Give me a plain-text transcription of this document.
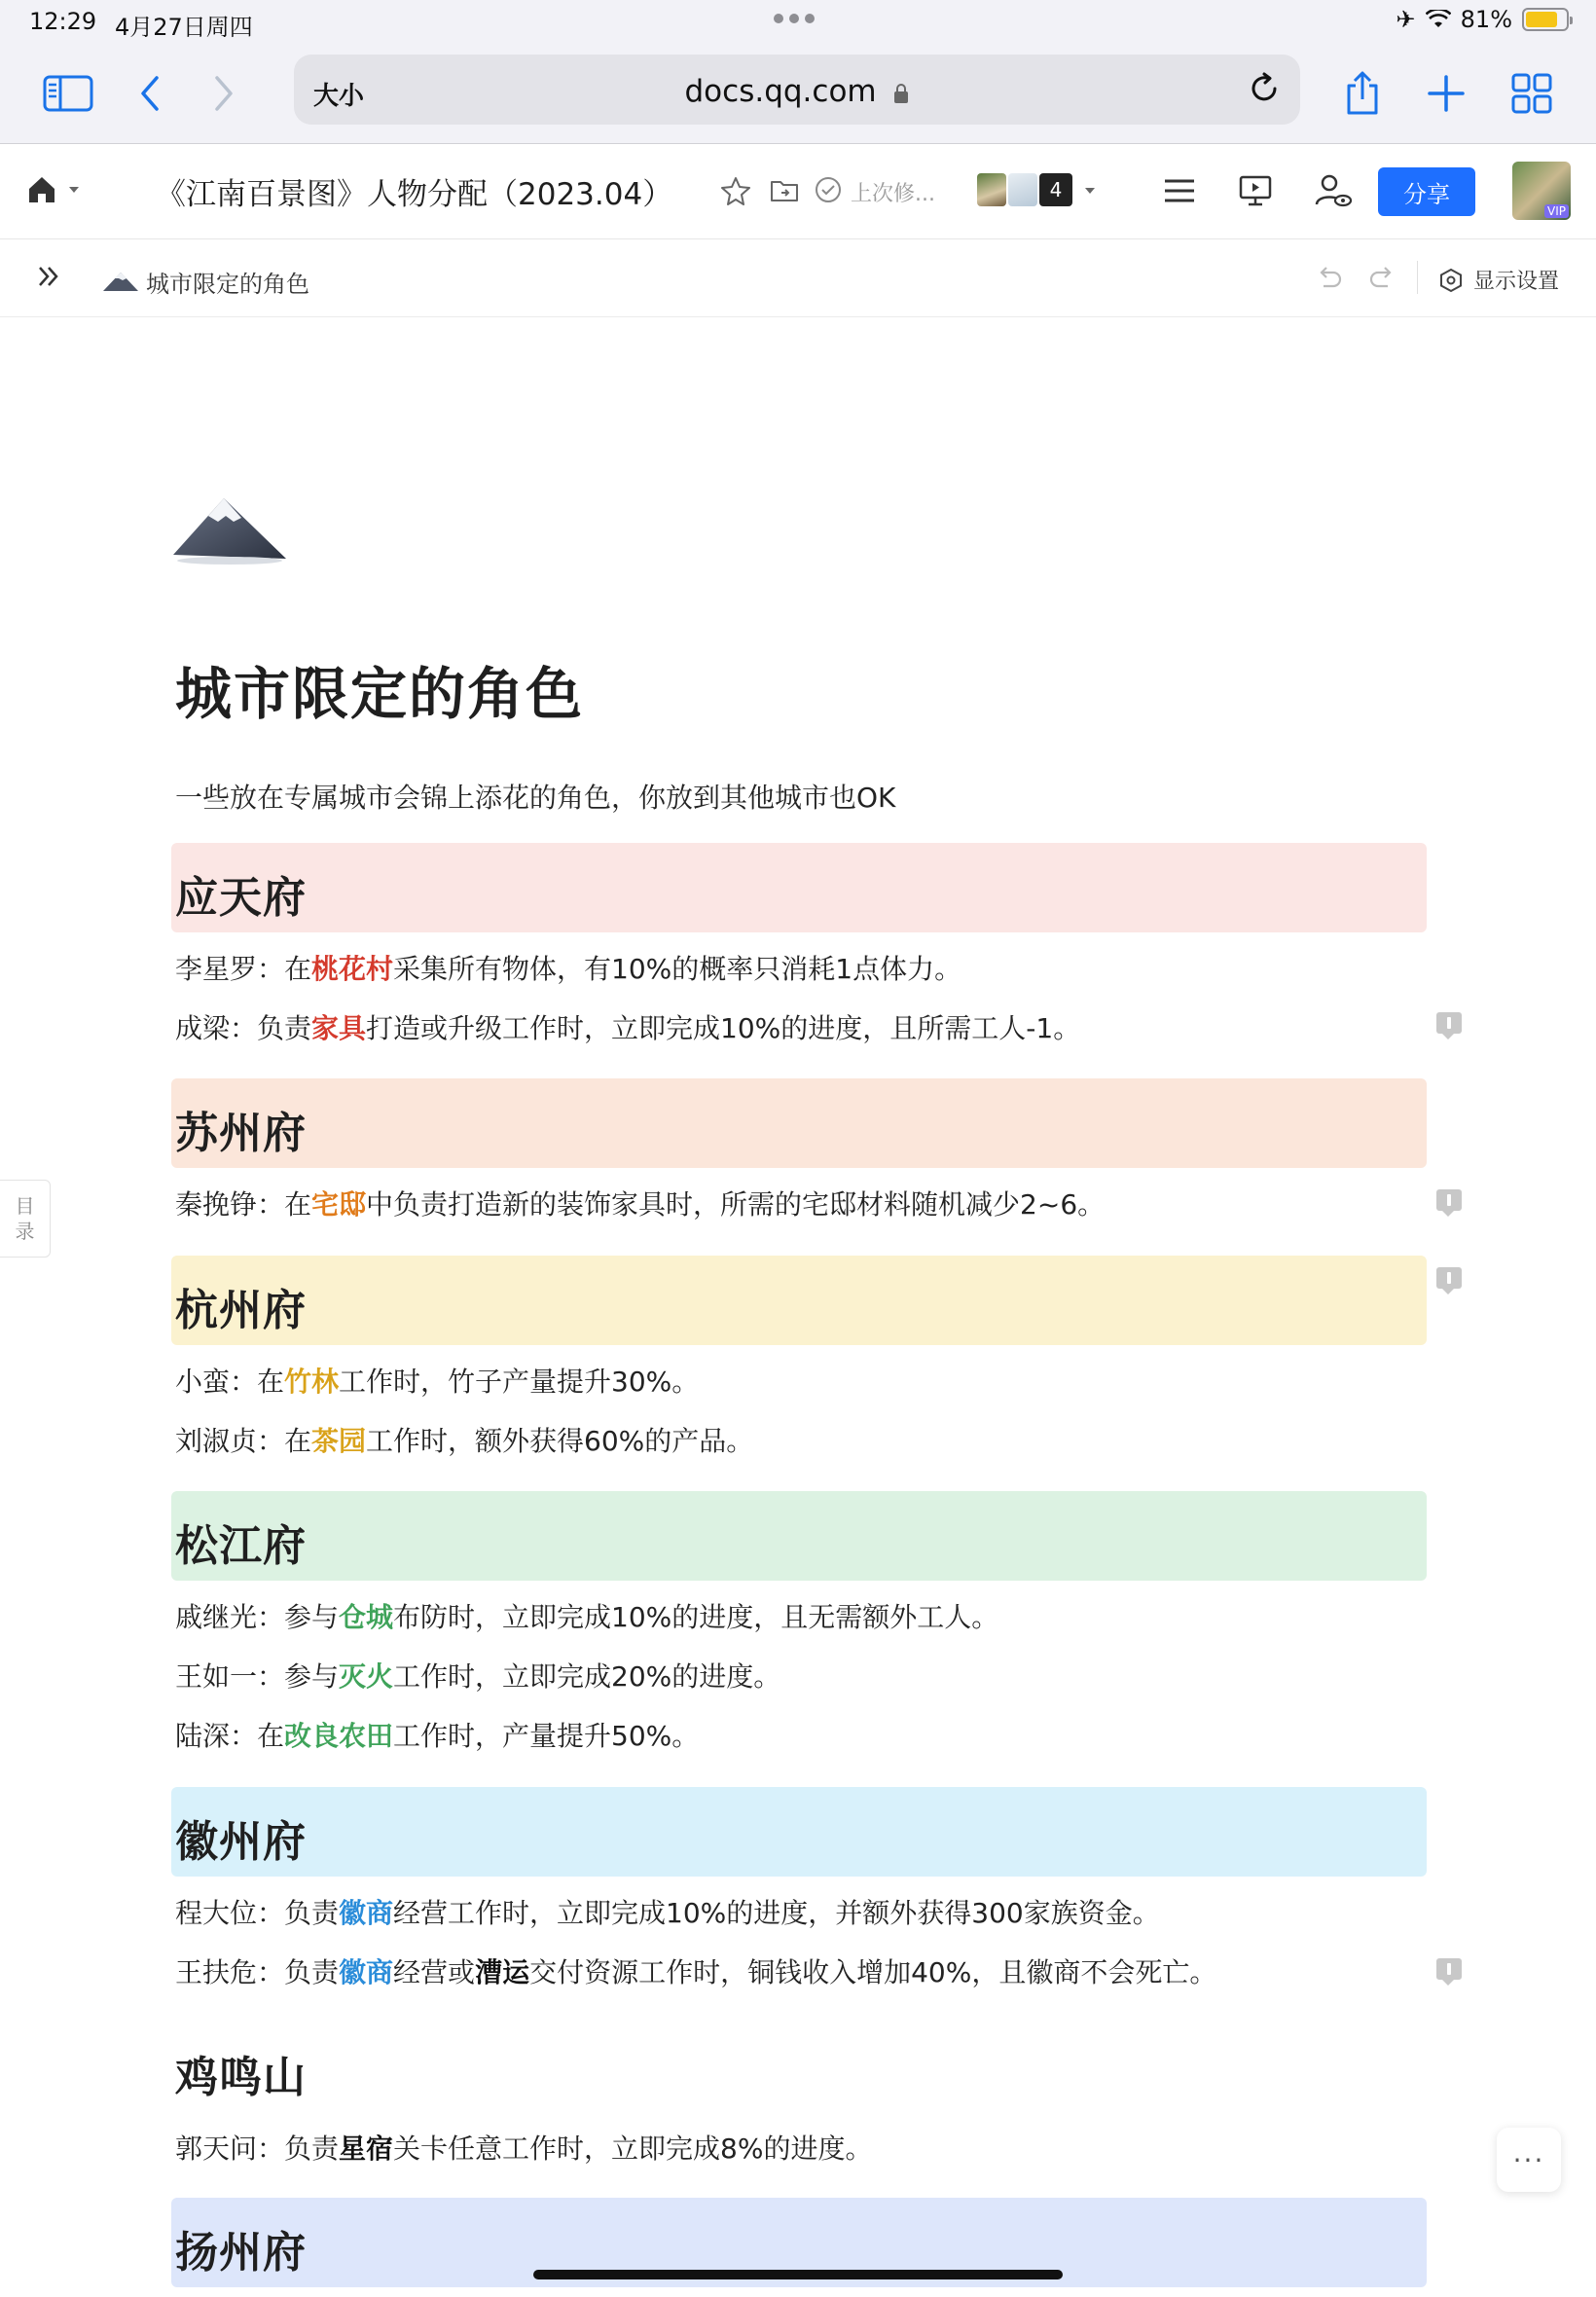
12:29 4月27日周四	✈ 81%
大小	docs.qq.com
《江南百景图》人物分配（2023.04）	上次修...	4	分享
VIP
城市限定的角色	显示设置
城市限定的角色
一些放在专属城市会锦上添花的角色，你放到其他城市也OK
应天府
李星罗：在桃花村采集所有物体，有10%的概率只消耗1点体力。
成梁：负责家具打造或升级工作时，立即完成10%的进度，且所需工人-1。
苏州府
秦挽铮：在宅邸中负责打造新的装饰家具时，所需的宅邸材料随机减少2~6。
杭州府
小蛮：在竹林工作时，竹子产量提升30%。
刘淑贞：在茶园工作时，额外获得60%的产品。
松江府
戚继光：参与仓城布防时，立即完成10%的进度，且无需额外工人。
王如一：参与灭火工作时，立即完成20%的进度。
陆深：在改良农田工作时，产量提升50%。
徽州府
程大位：负责徽商经营工作时，立即完成10%的进度，并额外获得300家族资金。
王扶危：负责徽商经营或漕运交付资源工作时，铜钱收入增加40%，且徽商不会死亡。
鸡鸣山
郭天问：负责星宿关卡任意工作时，立即完成8%的进度。
扬州府
目
录
···
